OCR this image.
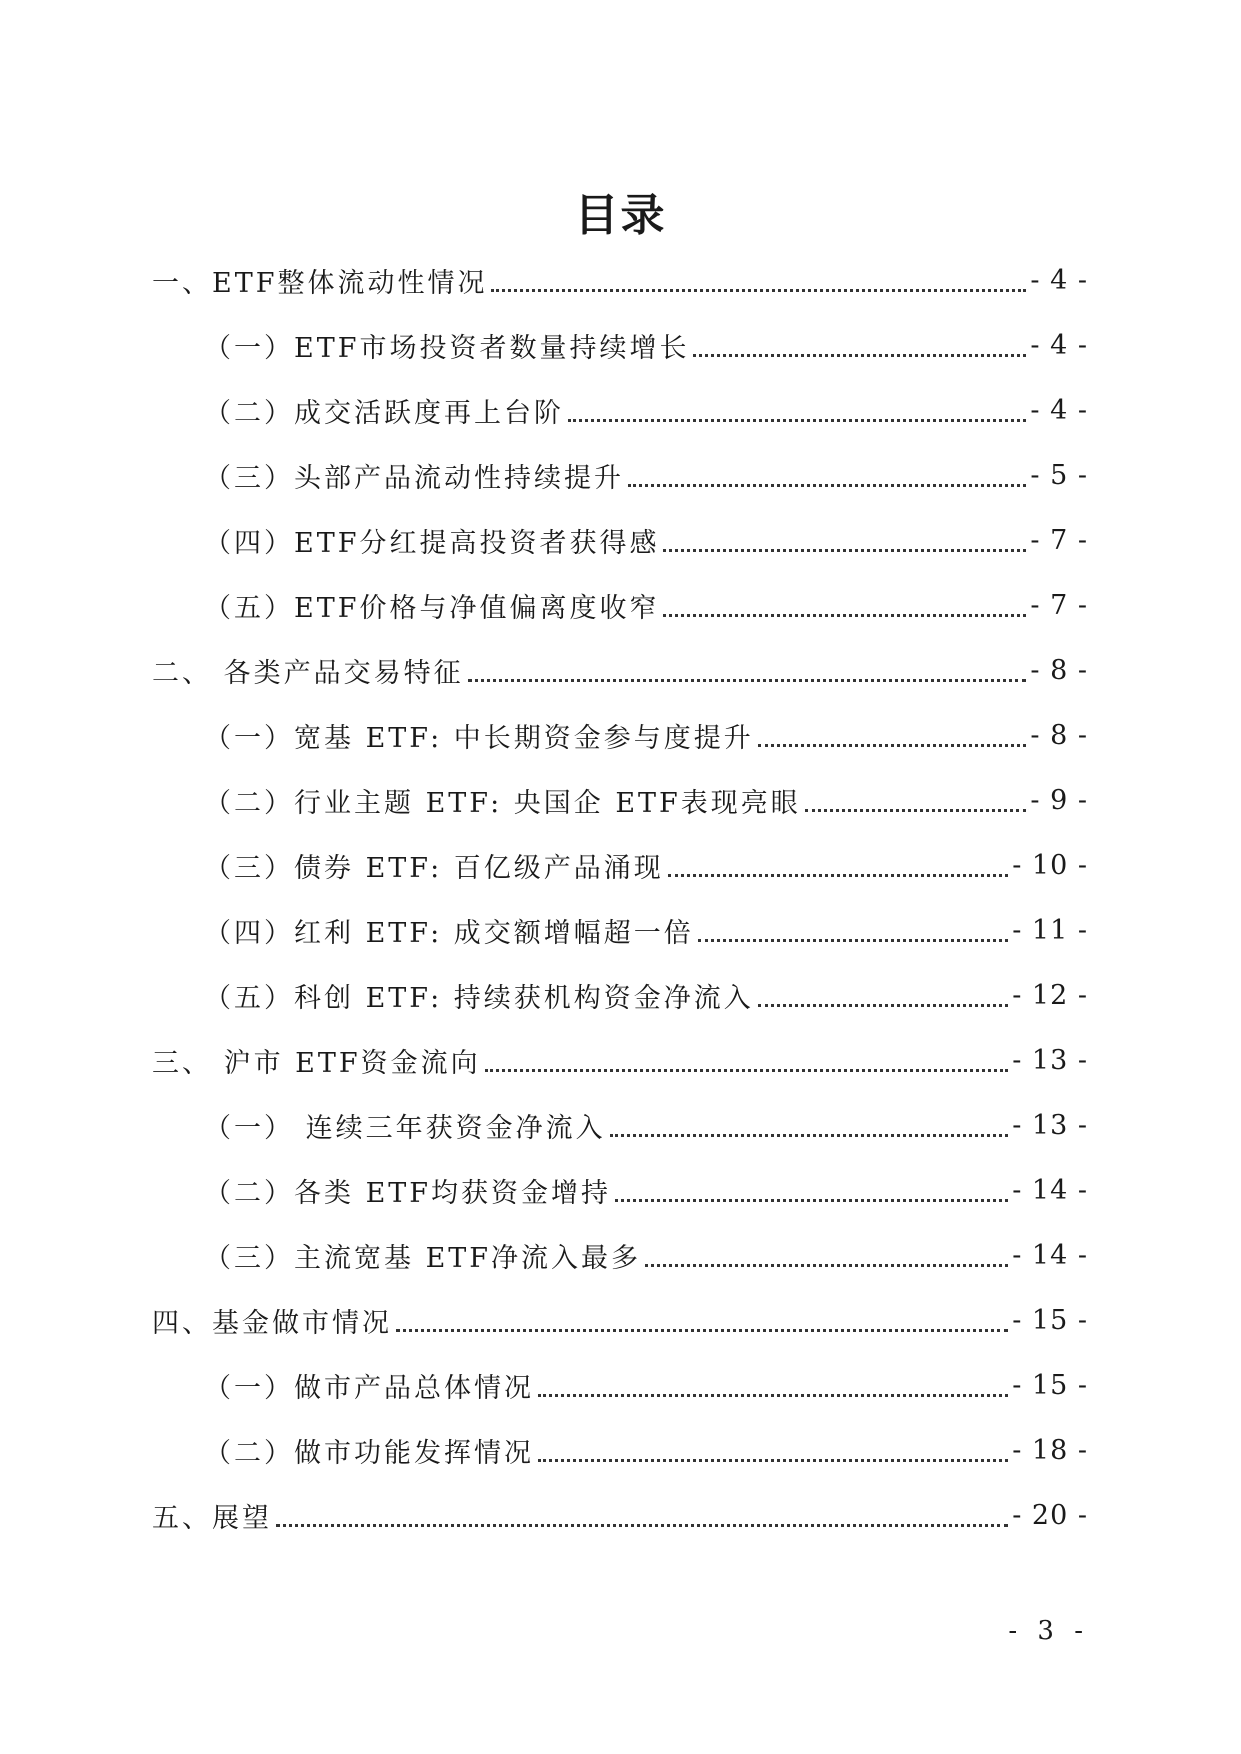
目录
一、ETF整体流动性情况	- 4 -
（一）ETF市场投资者数量持续增长	- 4 -
（二）成交活跃度再上台阶	- 4 -
（三）头部产品流动性持续提升	- 5 -
（四）ETF分红提高投资者获得感	- 7 -
（五）ETF价格与净值偏离度收窄	- 7 -
二、 各类产品交易特征	- 8 -
（一）宽基 ETF: 中长期资金参与度提升	- 8 -
（二）行业主题 ETF: 央国企 ETF表现亮眼	- 9 -
（三）债券 ETF: 百亿级产品涌现	- 10 -
（四）红利 ETF: 成交额增幅超一倍	- 11 -
（五）科创 ETF: 持续获机构资金净流入	- 12 -
三、 沪市 ETF资金流向	- 13 -
（一） 连续三年获资金净流入	- 13 -
（二）各类 ETF均获资金增持	- 14 -
（三）主流宽基 ETF净流入最多	- 14 -
四、基金做市情况	- 15 -
（一）做市产品总体情况	- 15 -
（二）做市功能发挥情况	- 18 -
五、展望	- 20 -
- 3 -
